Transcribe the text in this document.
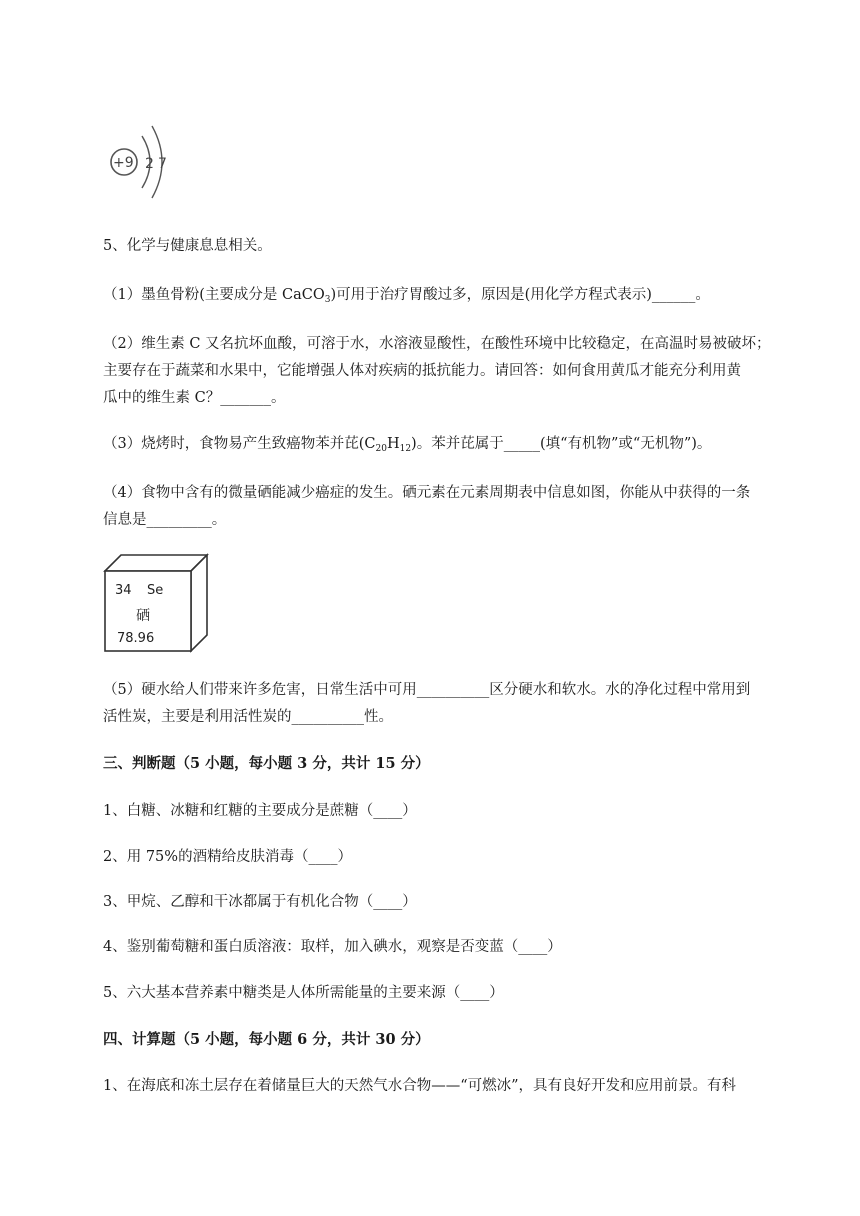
+9 2 7
5、化学与健康息息相关。
（1）墨鱼骨粉(主要成分是 CaCO$_3$)可用于治疗胃酸过多，原因是(用化学方程式表示)______。
（2）维生素 C 又名抗坏血酸，可溶于水，水溶液显酸性，在酸性环境中比较稳定，在高温时易被破坏；
主要存在于蔬菜和水果中，它能增强人体对疾病的抵抗能力。请回答：如何食用黄瓜才能充分利用黄
瓜中的维生素 C？_______。
（3）烧烤时，食物易产生致癌物苯并芘$(C_{20}H_{12})$。苯并芘属于_____(填“有机物”或“无机物”)。
（4）食物中含有的微量硒能减少癌症的发生。硒元素在元素周期表中信息如图，你能从中获得的一条
信息是_________。
34 Se
硒
78.96
（5）硬水给人们带来许多危害，日常生活中可用__________区分硬水和软水。水的净化过程中常用到
活性炭，主要是利用活性炭的__________性。
三、判断题（5 小题，每小题 3 分，共计 15 分）
1、白糖、冰糖和红糖的主要成分是蔗糖（____）
2、用 75%的酒精给皮肤消毒（____）
3、甲烷、乙醇和干冰都属于有机化合物（____）
4、鉴别葡萄糖和蛋白质溶液：取样，加入碘水，观察是否变蓝（____）
5、六大基本营养素中糖类是人体所需能量的主要来源（____）
四、计算题（5 小题，每小题 6 分，共计 30 分）
1、在海底和冻土层存在着储量巨大的天然气水合物——“可燃冰”，具有良好开发和应用前景。有科
